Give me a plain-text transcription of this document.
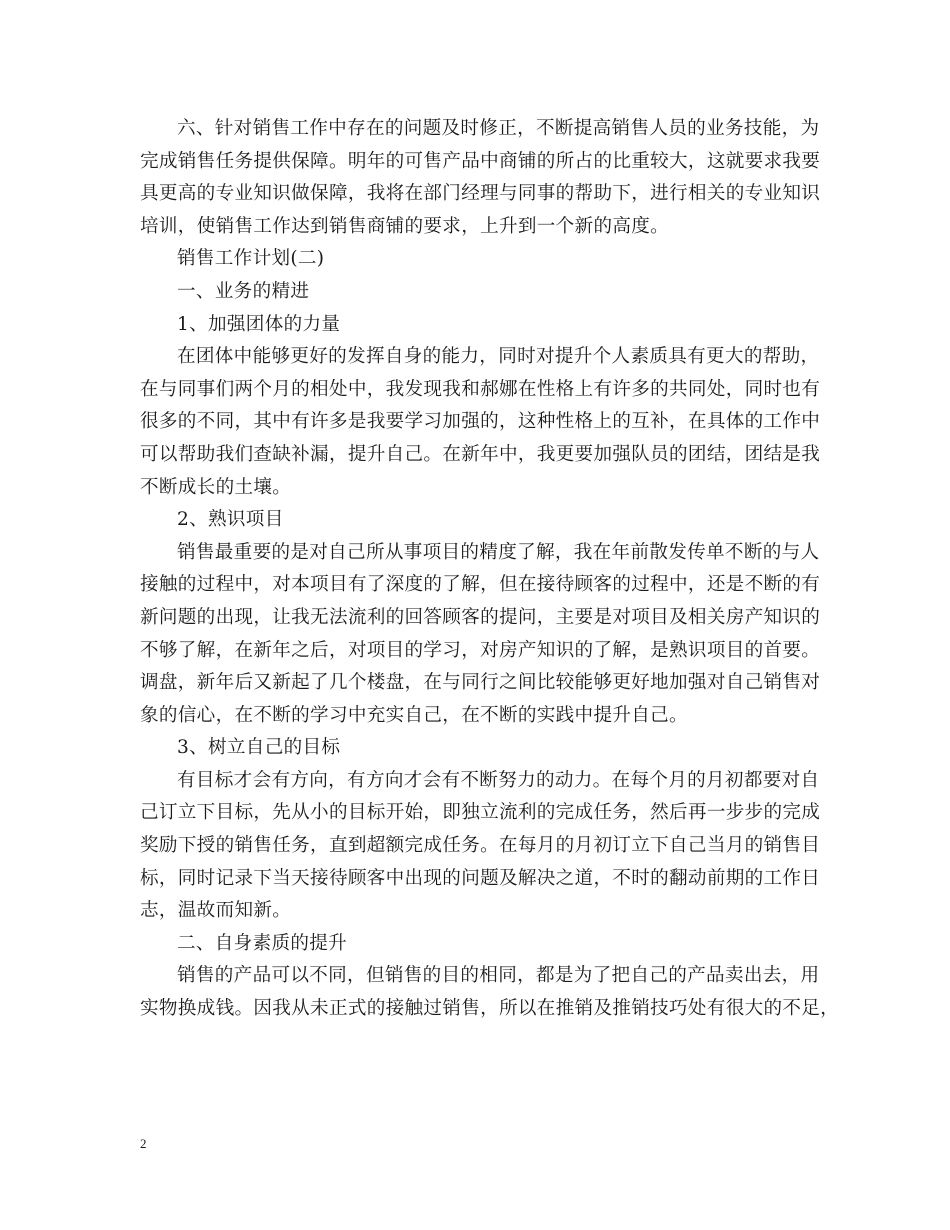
六、针对销售工作中存在的问题及时修正，不断提高销售人员的业务技能，为
完成销售任务提供保障。明年的可售产品中商铺的所占的比重较大，这就要求我要
具更高的专业知识做保障，我将在部门经理与同事的帮助下，进行相关的专业知识
培训，使销售工作达到销售商铺的要求，上升到一个新的高度。
销售工作计划(二)
一、业务的精进
1、加强团体的力量
在团体中能够更好的发挥自身的能力，同时对提升个人素质具有更大的帮助，
在与同事们两个月的相处中，我发现我和郝娜在性格上有许多的共同处，同时也有
很多的不同，其中有许多是我要学习加强的，这种性格上的互补，在具体的工作中
可以帮助我们查缺补漏，提升自己。在新年中，我更要加强队员的团结，团结是我
不断成长的土壤。
2、熟识项目
销售最重要的是对自己所从事项目的精度了解，我在年前散发传单不断的与人
接触的过程中，对本项目有了深度的了解，但在接待顾客的过程中，还是不断的有
新问题的出现，让我无法流利的回答顾客的提问，主要是对项目及相关房产知识的
不够了解，在新年之后，对项目的学习，对房产知识的了解，是熟识项目的首要。
调盘，新年后又新起了几个楼盘，在与同行之间比较能够更好地加强对自己销售对
象的信心，在不断的学习中充实自己，在不断的实践中提升自己。
3、树立自己的目标
有目标才会有方向，有方向才会有不断努力的动力。在每个月的月初都要对自
己订立下目标，先从小的目标开始，即独立流利的完成任务，然后再一步步的完成
奖励下授的销售任务，直到超额完成任务。在每月的月初订立下自己当月的销售目
标，同时记录下当天接待顾客中出现的问题及解决之道，不时的翻动前期的工作日
志，温故而知新。
二、自身素质的提升
销售的产品可以不同，但销售的目的相同，都是为了把自己的产品卖出去，用
实物换成钱。因我从未正式的接触过销售，所以在推销及推销技巧处有很大的不足，
2
